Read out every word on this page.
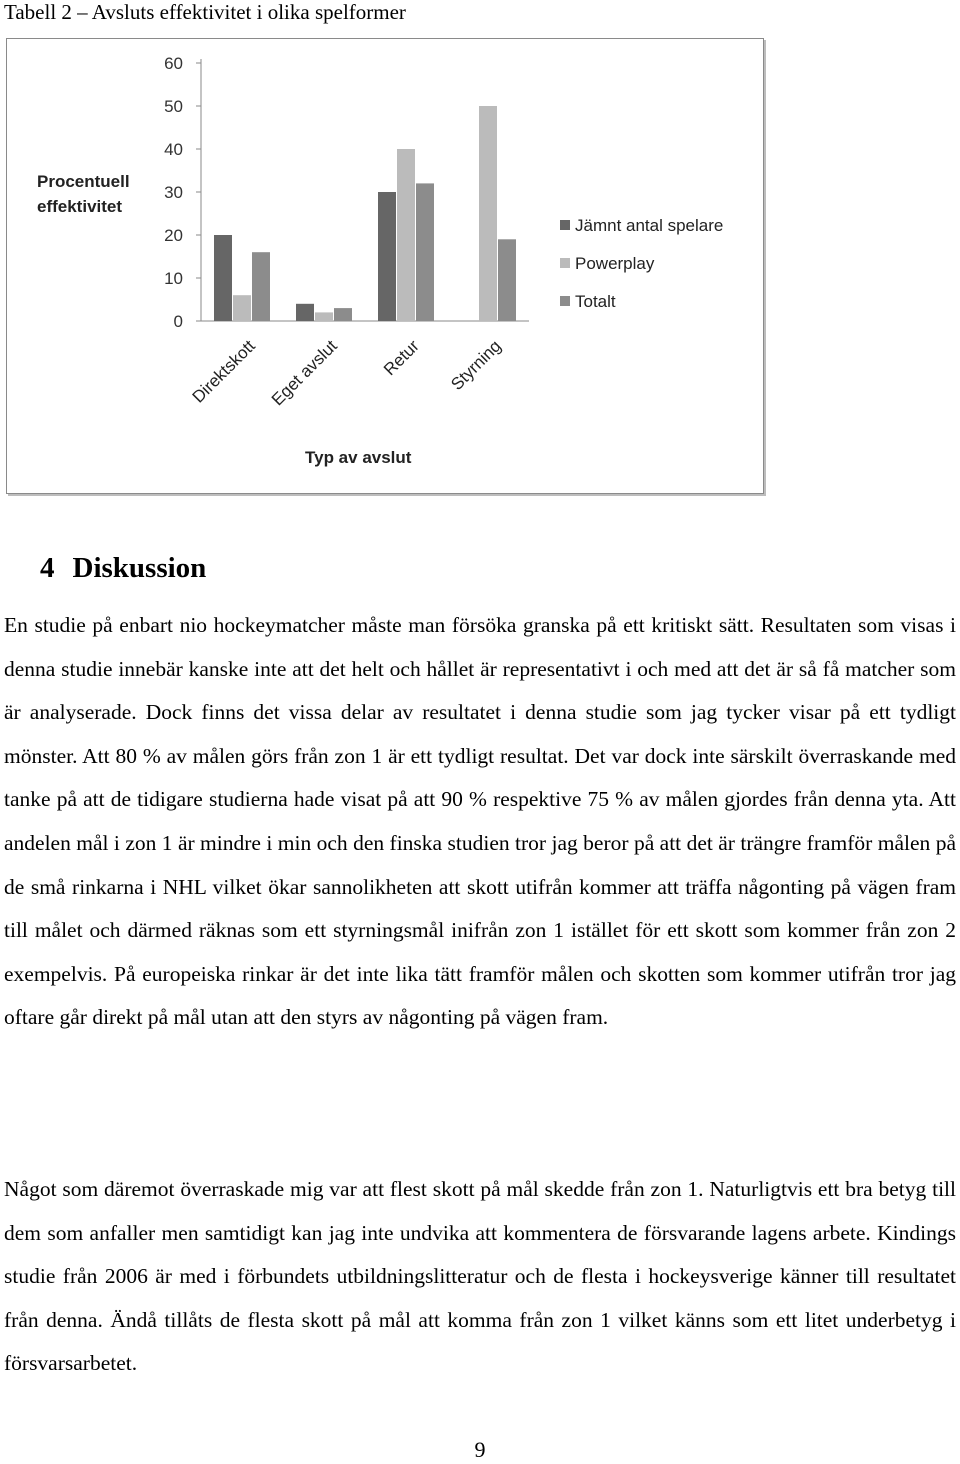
Tabell 2 – Avsluts effektivitet i olika spelformer
0
10
20
30
40
50
60
Direktskott Eget avslut Retur Styrning
Procentuell
effektivitet
Typ av avslut
Jämnt antal spelare
Powerplay
Totalt
4 Diskussion

En studie på enbart nio hockeymatcher måste man försöka granska på ett kritiskt sätt. Resultaten som visas i denna studie innebär kanske inte att det helt och hållet är representativt i och med att det är så få matcher som är analyserade. Dock finns det vissa delar av resultatet i denna studie som jag tycker visar på ett tydligt mönster. Att 80 % av målen görs från zon 1 är ett tydligt resultat. Det var dock inte särskilt överraskande med tanke på att de tidigare studierna hade visat på att 90 % respektive 75 % av målen gjordes från denna yta. Att andelen mål i zon 1 är mindre i min och den finska studien tror jag beror på att det är trängre framför målen på de små rinkarna i NHL vilket ökar sannolikheten att skott utifrån kommer att träffa någonting på vägen fram till målet och därmed räknas som ett styrningsmål inifrån zon 1 istället för ett skott som kommer från zon 2 exempelvis. På europeiska rinkar är det inte lika tätt framför målen och skotten som kommer utifrån tror jag oftare går direkt på mål utan att den styrs av någonting på vägen fram.

Något som däremot överraskade mig var att flest skott på mål skedde från zon 1. Naturligtvis ett bra betyg till dem som anfaller men samtidigt kan jag inte undvika att kommentera de försvarande lagens arbete. Kindings studie från 2006 är med i förbundets utbildningslitteratur och de flesta i hockeysverige känner till resultatet från denna. Ändå tillåts de flesta skott på mål att komma från zon 1 vilket känns som ett litet underbetyg i försvarsarbetet.

9
